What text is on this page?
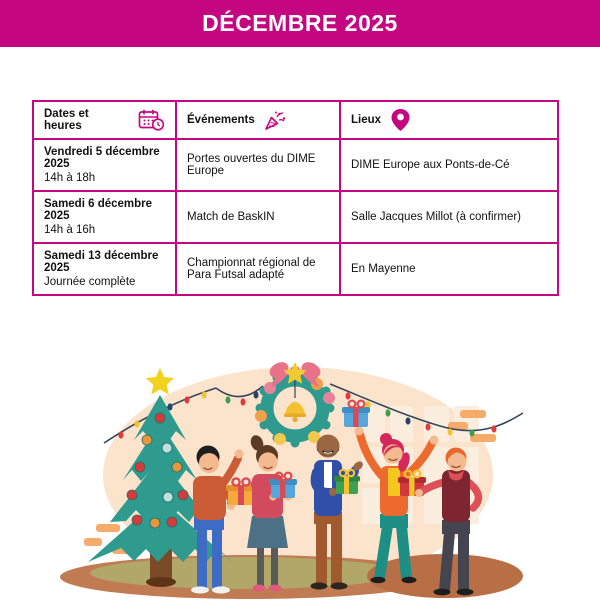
DÉCEMBRE 2025
Dates et heures	Événements	Lieux

Vendredi 5 décembre 2025
14h à 18h	Portes ouvertes du DIME Europe	DIME Europe aux Ponts-de-Cé

Samedi 6 décembre 2025
14h à 16h	Match de BaskIN	Salle Jacques Millot (à confirmer)

Samedi 13 décembre 2025
Journée complète	Championnat régional de Para Futsal adapté	En Mayenne
